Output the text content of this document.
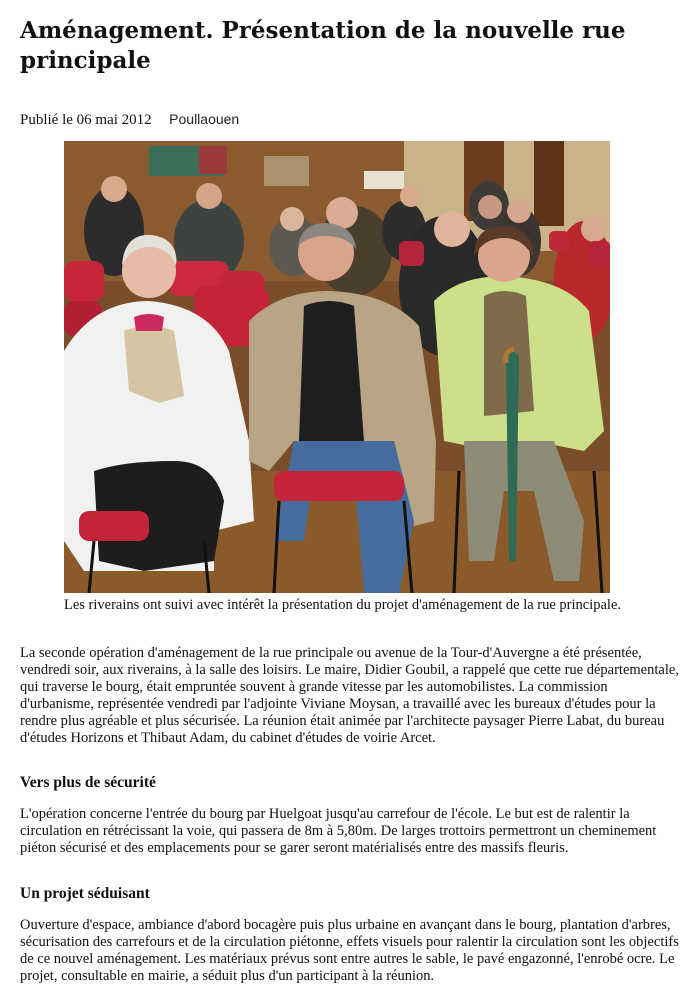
Aménagement. Présentation de la nouvelle rue principale
Publié le 06 mai 2012 Poullaouen

Les riverains ont suivi avec intérêt la présentation du projet d'aménagement de la rue principale.

La seconde opération d'aménagement de la rue principale ou avenue de la Tour-d'Auvergne a été présentée, vendredi soir, aux riverains, à la salle des loisirs. Le maire, Didier Goubil, a rappelé que cette rue départementale, qui traverse le bourg, était empruntée souvent à grande vitesse par les automobilistes. La commission d'urbanisme, représentée vendredi par l'adjointe Viviane Moysan, a travaillé avec les bureaux d'études pour la rendre plus agréable et plus sécurisée. La réunion était animée par l'architecte paysager Pierre Labat, du bureau d'études Horizons et Thibaut Adam, du cabinet d'études de voirie Arcet.

Vers plus de sécurité

L'opération concerne l'entrée du bourg par Huelgoat jusqu'au carrefour de l'école. Le but est de ralentir la circulation en rétrécissant la voie, qui passera de 8m à 5,80m. De larges trottoirs permettront un cheminement piéton sécurisé et des emplacements pour se garer seront matérialisés entre des massifs fleuris.

Un projet séduisant

Ouverture d'espace, ambiance d'abord bocagère puis plus urbaine en avançant dans le bourg, plantation d'arbres, sécurisation des carrefours et de la circulation piétonne, effets visuels pour ralentir la circulation sont les objectifs de ce nouvel aménagement. Les matériaux prévus sont entre autres le sable, le pavé engazonné, l'enrobé ocre. Le projet, consultable en mairie, a séduit plus d'un participant à la réunion.
